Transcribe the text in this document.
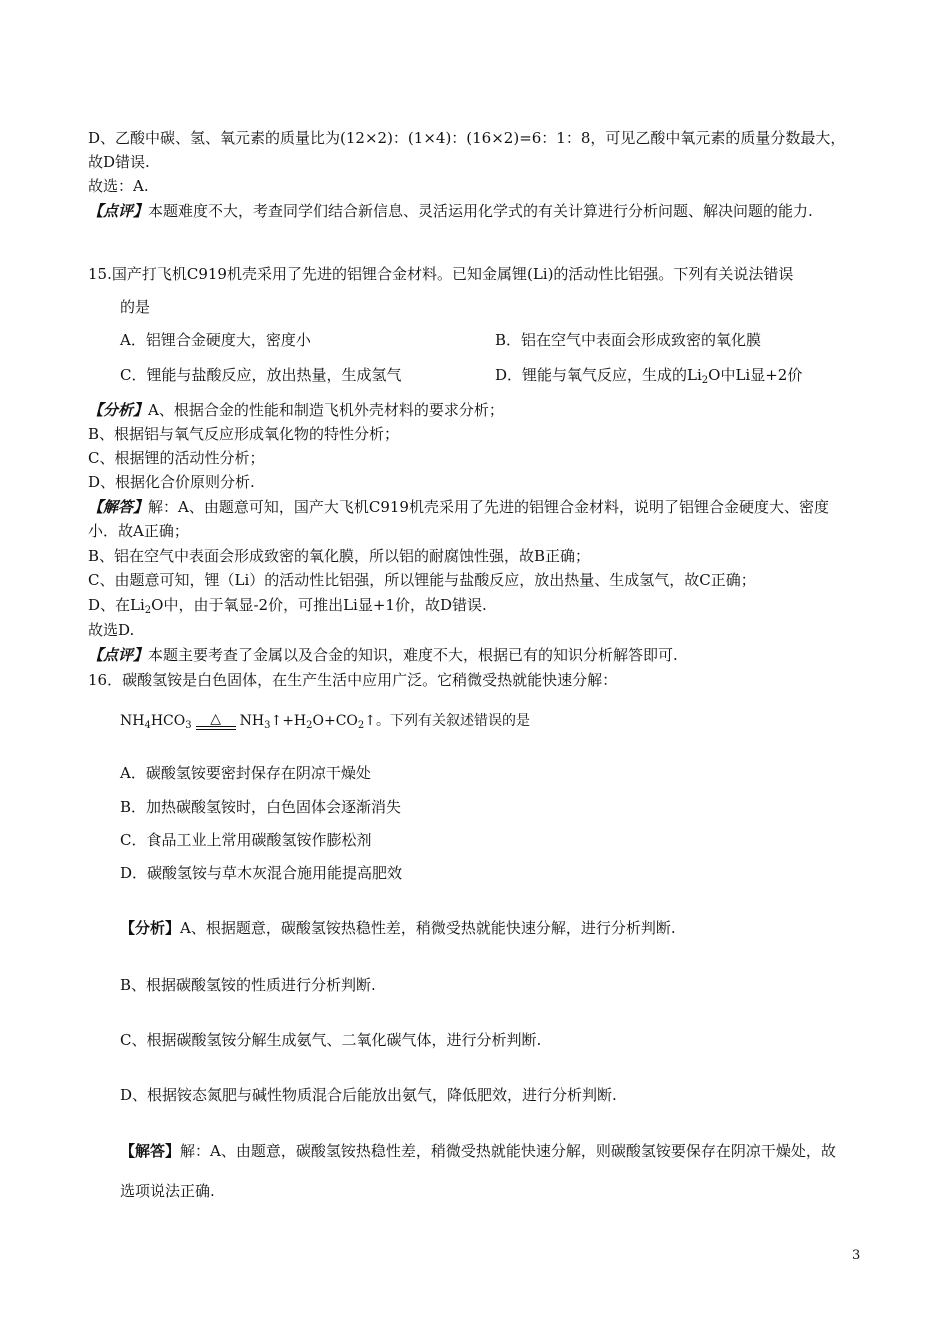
D、乙酸中碳、氢、氧元素的质量比为(12×2)：(1×4)：(16×2)=6：1：8，可见乙酸中氧元素的质量分数最大，
故D错误.
故选：A.
【点评】本题难度不大，考查同学们结合新信息、灵活运用化学式的有关计算进行分析问题、解决问题的能力.
15.国产打飞机C919机壳采用了先进的铝锂合金材料。已知金属锂(Li)的活动性比铝强。下列有关说法错误
的是
A．铝锂合金硬度大，密度小	B．铝在空气中表面会形成致密的氧化膜
C．锂能与盐酸反应，放出热量，生成氢气	D．锂能与氧气反应，生成的$Li_2O$中Li显+2价
【分析】A、根据合金的性能和制造飞机外壳材料的要求分析；
B、根据铝与氧气反应形成氧化物的特性分析；
C、根据锂的活动性分析；
D、根据化合价原则分析.
【解答】解：A、由题意可知，国产大飞机C919机壳采用了先进的铝锂合金材料，说明了铝锂合金硬度大、密度
小．故A正确；
B、铝在空气中表面会形成致密的氧化膜，所以铝的耐腐蚀性强，故B正确；
C、由题意可知，锂（Li）的活动性比铝强，所以锂能与盐酸反应，放出热量、生成氢气，故C正确；
D、在$Li_2O$中，由于氧显-2价，可推出Li显+1价，故D错误.
故选D.
【点评】本题主要考查了金属以及合金的知识，难度不大，根据已有的知识分析解答即可.
16．碳酸氢铵是白色固体，在生产生活中应用广泛。它稍微受热就能快速分解：
$NH_4HCO_3$	△	$NH_3↑+H_2O+CO_2↑$。下列有关叙述错误的是
A．碳酸氢铵要密封保存在阴凉干燥处
B．加热碳酸氢铵时，白色固体会逐渐消失
C．食品工业上常用碳酸氢铵作膨松剂
D．碳酸氢铵与草木灰混合施用能提高肥效
【分析】A、根据题意，碳酸氢铵热稳性差，稍微受热就能快速分解，进行分析判断.
B、根据碳酸氢铵的性质进行分析判断.
C、根据碳酸氢铵分解生成氨气、二氧化碳气体，进行分析判断.
D、根据铵态氮肥与碱性物质混合后能放出氨气，降低肥效，进行分析判断.
【解答】解：A、由题意，碳酸氢铵热稳性差，稍微受热就能快速分解，则碳酸氢铵要保存在阴凉干燥处，故
选项说法正确.
3
